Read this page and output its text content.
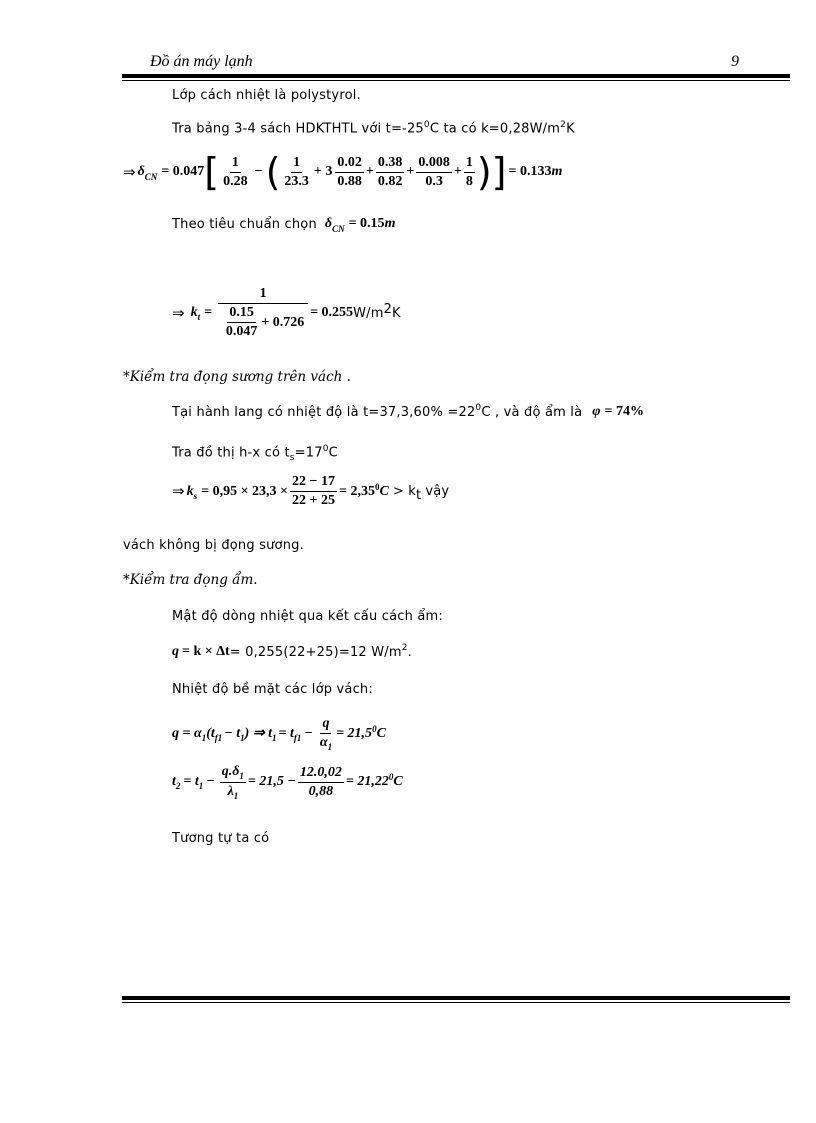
Đồ án máy lạnh	9
Lớp cách nhiệt là polystyrol.
Tra bảng 3-4 sách HDKTHTL với $t=-25^0C$ ta có $k=0,28W/m^2K$
⇒ $\delta_{CN} = 0.047$ [ $\frac{1}{0.28}$ − ( $\frac{1}{23.3} + 3 \frac{0.02}{0.88} + \frac{0.38}{0.82} + \frac{0.008}{0.3} + \frac{1}{8}$ ) ] = 0.133 m
Theo tiêu chuẩn chọn $\delta_{CN} = 0.15$ m
⇒ $k_t = \frac{1}{\frac{0.15}{0.047} + 0.726} = 0.255$ W/m 2 K
*Kiểm tra đọng sương trên vách .
Tại hành lang có nhiệt độ là $t=37,3,60\% =22^0$ C , và độ ẩm là φ = 74%
Tra đồ thị h-x có $t_s=17^0C$
⇒ $k_s = 0,95 \times 23,3 \times \frac{22 - 17}{22 + 25} = 2,35^0$ C > k t vậy
vách không bị đọng sương.
*Kiểm tra đọng ẩm.
Mật độ dòng nhiệt qua kết cấu cách ẩm:
q = k × Δt = 0,255(22+25)=12 $W/m^2$ .
Nhiệt độ bề mặt các lớp vách:
$q = \alpha_1$ ($t_{f1} - t_1$ ) ⇒ $t_1 = t_{f1} - \frac{q}{\alpha_1} = 21,5^0$ C
$t_2 = t_1 - \frac{q.\delta_1}{\lambda_1} = 21,5 - \frac{12.0,02}{0,88} = 21,22^0$ C
Tương tự ta có
